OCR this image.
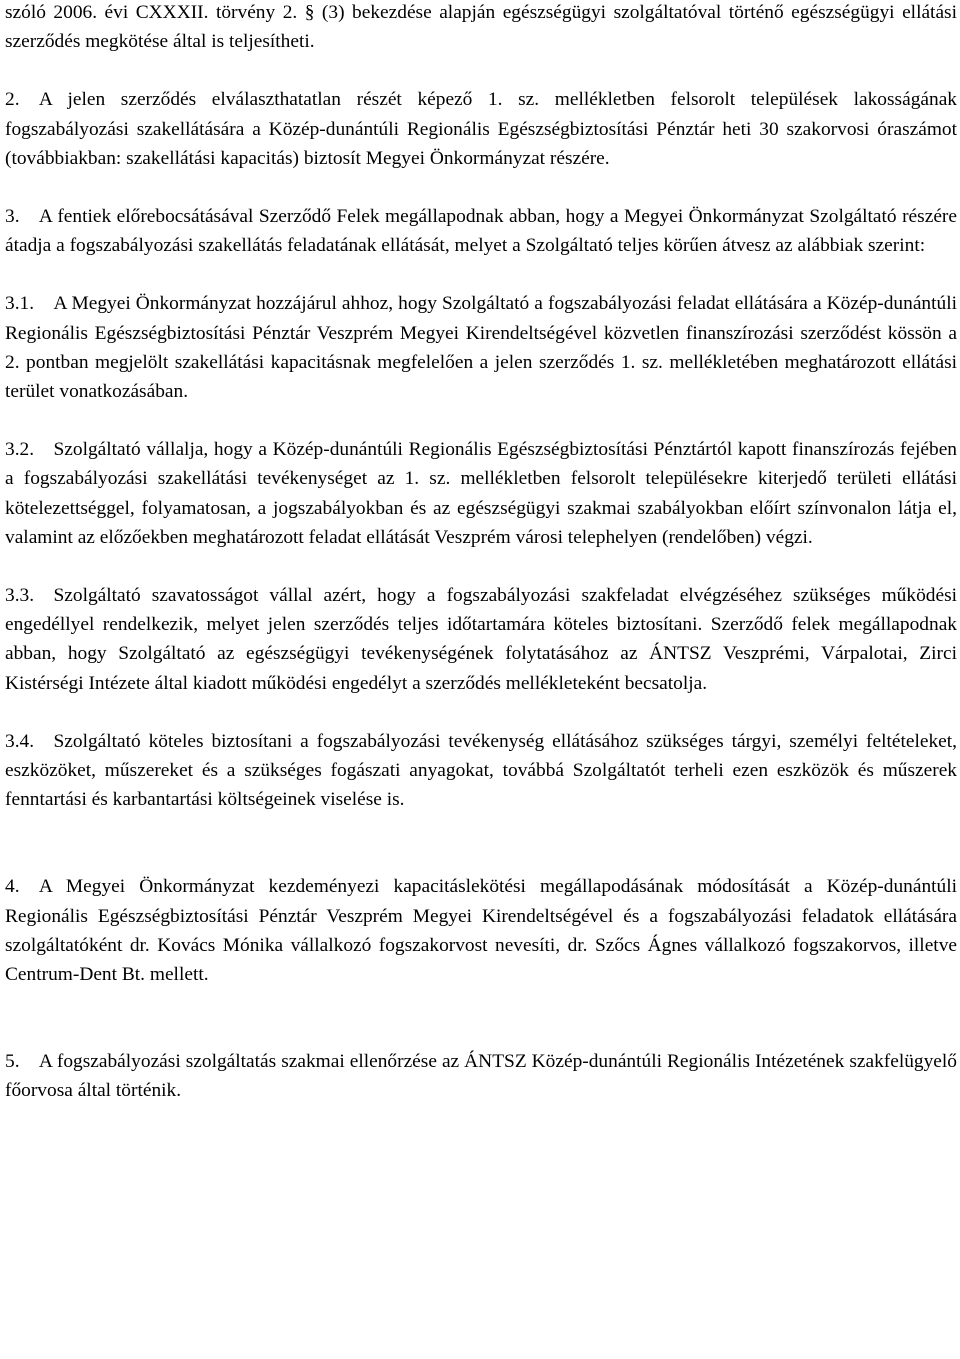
szóló 2006. évi CXXXII. törvény 2. § (3) bekezdése alapján egészségügyi szolgáltatóval történő egészségügyi ellátási szerződés megkötése által is teljesítheti.

2. A jelen szerződés elválaszthatatlan részét képező 1. sz. mellékletben felsorolt települések lakosságának fogszabályozási szakellátására a Közép-dunántúli Regionális Egészségbiztosítási Pénztár heti 30 szakorvosi óraszámot (továbbiakban: szakellátási kapacitás) biztosít Megyei Önkormányzat részére.

3. A fentiek előrebocsátásával Szerződő Felek megállapodnak abban, hogy a Megyei Önkormányzat Szolgáltató részére átadja a fogszabályozási szakellátás feladatának ellátását, melyet a Szolgáltató teljes körűen átvesz az alábbiak szerint:

3.1. A Megyei Önkormányzat hozzájárul ahhoz, hogy Szolgáltató a fogszabályozási feladat ellátására a Közép-dunántúli Regionális Egészségbiztosítási Pénztár Veszprém Megyei Kirendeltségével közvetlen finanszírozási szerződést kössön a 2. pontban megjelölt szakellátási kapacitásnak megfelelően a jelen szerződés 1. sz. mellékletében meghatározott ellátási terület vonatkozásában.

3.2. Szolgáltató vállalja, hogy a Közép-dunántúli Regionális Egészségbiztosítási Pénztártól kapott finanszírozás fejében a fogszabályozási szakellátási tevékenységet az 1. sz. mellékletben felsorolt településekre kiterjedő területi ellátási kötelezettséggel, folyamatosan, a jogszabályokban és az egészségügyi szakmai szabályokban előírt színvonalon látja el, valamint az előzőekben meghatározott feladat ellátását Veszprém városi telephelyen (rendelőben) végzi.

3.3. Szolgáltató szavatosságot vállal azért, hogy a fogszabályozási szakfeladat elvégzéséhez szükséges működési engedéllyel rendelkezik, melyet jelen szerződés teljes időtartamára köteles biztosítani. Szerződő felek megállapodnak abban, hogy Szolgáltató az egészségügyi tevékenységének folytatásához az ÁNTSZ Veszprémi, Várpalotai, Zirci Kistérségi Intézete által kiadott működési engedélyt a szerződés mellékleteként becsatolja.

3.4. Szolgáltató köteles biztosítani a fogszabályozási tevékenység ellátásához szükséges tárgyi, személyi feltételeket, eszközöket, műszereket és a szükséges fogászati anyagokat, továbbá Szolgáltatót terheli ezen eszközök és műszerek fenntartási és karbantartási költségeinek viselése is.

4. A Megyei Önkormányzat kezdeményezi kapacitáslekötési megállapodásának módosítását a Közép-dunántúli Regionális Egészségbiztosítási Pénztár Veszprém Megyei Kirendeltségével és a fogszabályozási feladatok ellátására szolgáltatóként dr. Kovács Mónika vállalkozó fogszakorvost nevesíti, dr. Szőcs Ágnes vállalkozó fogszakorvos, illetve Centrum-Dent Bt. mellett.

5. A fogszabályozási szolgáltatás szakmai ellenőrzése az ÁNTSZ Közép-dunántúli Regionális Intézetének szakfelügyelő főorvosa által történik.
